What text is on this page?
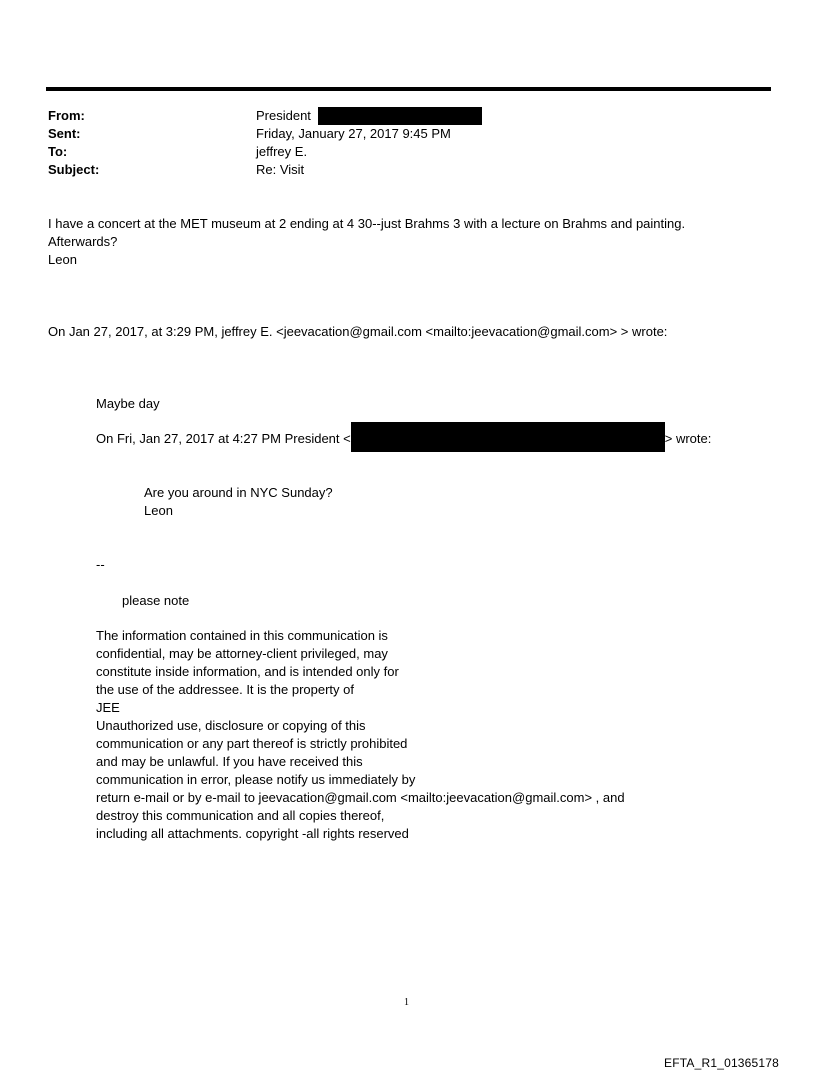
From:	President
Sent:	Friday, January 27, 2017 9:45 PM
To:	jeffrey E.
Subject:	Re: Visit
I have a concert at the MET museum at 2 ending at 4 30--just Brahms 3 with a lecture on Brahms and painting.
Afterwards?
Leon
On Jan 27, 2017, at 3:29 PM, jeffrey E. <jeevacation@gmail.com <mailto:jeevacation@gmail.com> > wrote:
Maybe day
On Fri, Jan 27, 2017 at 4:27 PM President <	> wrote:
Are you around in NYC Sunday?
Leon
--
please note
The information contained in this communication is
confidential, may be attorney-client privileged, may
constitute inside information, and is intended only for
the use of the addressee. It is the property of
JEE
Unauthorized use, disclosure or copying of this
communication or any part thereof is strictly prohibited
and may be unlawful. If you have received this
communication in error, please notify us immediately by
return e-mail or by e-mail to jeevacation@gmail.com <mailto:jeevacation@gmail.com> , and
destroy this communication and all copies thereof,
including all attachments. copyright -all rights reserved
1
EFTA_R1_01365178
